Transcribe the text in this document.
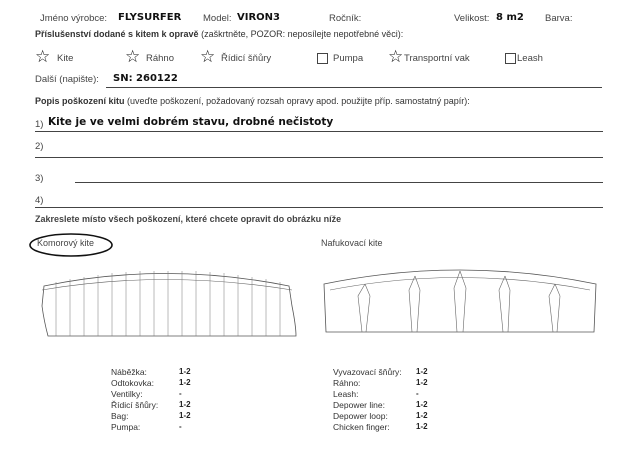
Jméno výrobce: FLYSURFER Model: VIRON3	Ročník:	Velikost: 8 m2 Barva:
Příslušenství dodané s kitem k opravě (zaškrtněte, POZOR: neposílejte nepotřebné věci):
☆ Kite	☆ Ráhno ☆ Řídicí šňůry	Pumpa ☆ Transportní vak	Leash
Další (napište): SN: 260122
Popis poškození kitu (uveďte poškození, požadovaný rozsah opravy apod. použijte příp. samostatný papír):
1) Kite je ve velmi dobrém stavu, drobné nečistoty
2)
3)
4)
Zakreslete místo všech poškození, které chcete opravit do obrázku níže
Komorový kite	Nafukovací kite
Náběžka:	1-2
Odtokovka:	1-2
Ventilky:	-
Řídicí šňůry:	1-2
Bag:	1-2
Pumpa:	-
Vyvazovací šňůry: 1-2
Ráhno:	1-2
Leash:	-
Depower line:	1-2
Depower loop:	1-2
Chicken finger:	1-2
